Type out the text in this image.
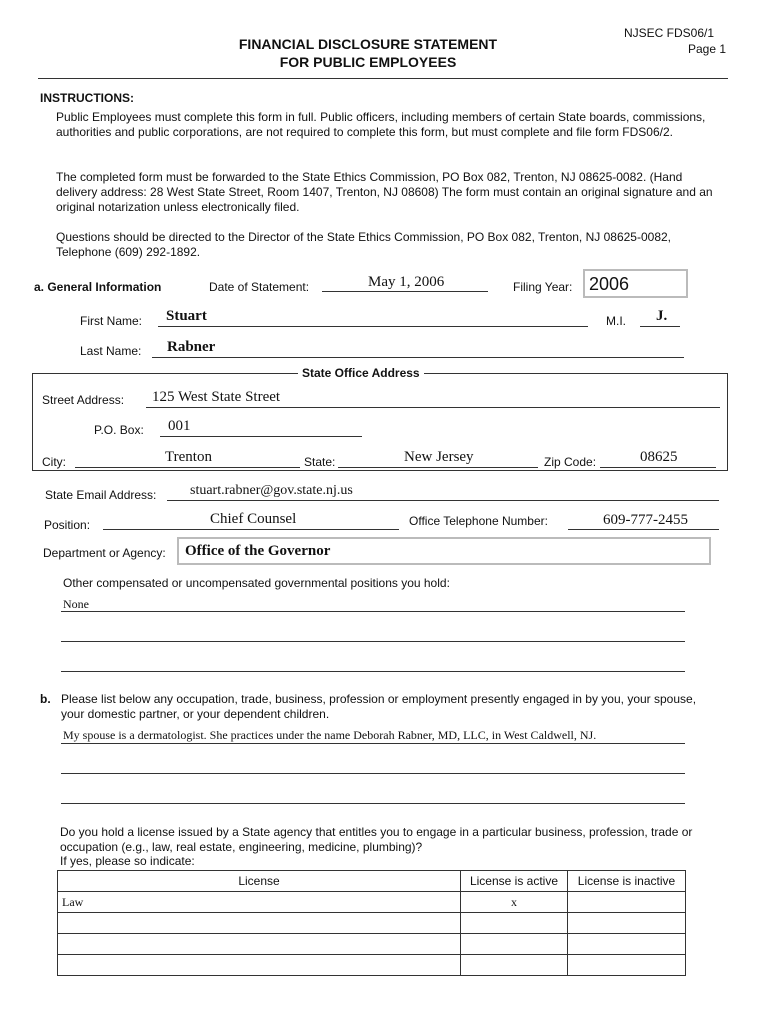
NJSEC FDS06/1
Page 1
FINANCIAL DISCLOSURE STATEMENT
FOR PUBLIC EMPLOYEES
INSTRUCTIONS:
Public Employees must complete this form in full. Public officers, including members of certain State boards, commissions, authorities and public corporations, are not required to complete this form, but must complete and file form FDS06/2.
The completed form must be forwarded to the State Ethics Commission, PO Box 082, Trenton, NJ 08625-0082. (Hand delivery address: 28 West State Street, Room 1407, Trenton, NJ 08608) The form must contain an original signature and an original notarization unless electronically filed.
Questions should be directed to the Director of the State Ethics Commission, PO Box 082, Trenton, NJ 08625-0082, Telephone (609) 292-1892.
a. General Information	Date of Statement:	May 1, 2006	Filing Year: 2006
First Name: Stuart	M.I. J.
Last Name: Rabner
State Office Address
Street Address: 125 West State Street
P.O. Box: 001
City:	Trenton	State:	New Jersey	Zip Code:	08625
State Email Address: stuart.rabner@gov.state.nj.us
Position:	Chief Counsel	Office Telephone Number:	609-777-2455
Department or Agency: Office of the Governor
Other compensated or uncompensated governmental positions you hold:
None
b. Please list below any occupation, trade, business, profession or employment presently engaged in by you, your spouse, your domestic partner, or your dependent children.
My spouse is a dermatologist. She practices under the name Deborah Rabner, MD, LLC, in West Caldwell, NJ.
Do you hold a license issued by a State agency that entitles you to engage in a particular business, profession, trade or occupation (e.g., law, real estate, engineering, medicine, plumbing)?
If yes, please so indicate:
License	License is active	License is inactive
Law	x	
